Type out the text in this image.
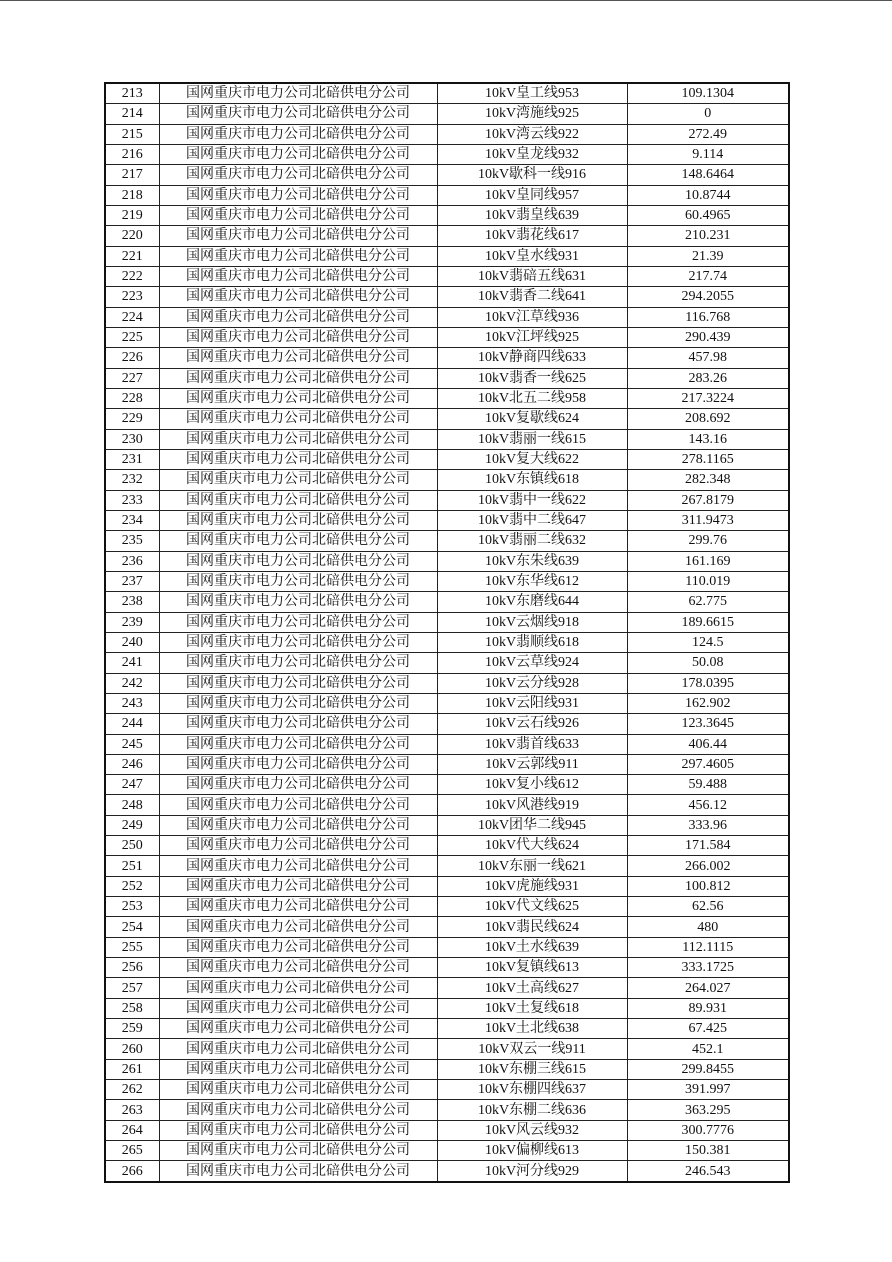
213	国网重庆市电力公司北碚供电分公司	10kV皇工线953	109.1304
214	国网重庆市电力公司北碚供电分公司	10kV湾施线925	0
215	国网重庆市电力公司北碚供电分公司	10kV湾云线922	272.49
216	国网重庆市电力公司北碚供电分公司	10kV皇龙线932	9.114
217	国网重庆市电力公司北碚供电分公司	10kV歇科一线916	148.6464
218	国网重庆市电力公司北碚供电分公司	10kV皇同线957	10.8744
219	国网重庆市电力公司北碚供电分公司	10kV翡皇线639	60.4965
220	国网重庆市电力公司北碚供电分公司	10kV翡花线617	210.231
221	国网重庆市电力公司北碚供电分公司	10kV皇水线931	21.39
222	国网重庆市电力公司北碚供电分公司	10kV翡碚五线631	217.74
223	国网重庆市电力公司北碚供电分公司	10kV翡香二线641	294.2055
224	国网重庆市电力公司北碚供电分公司	10kV江草线936	116.768
225	国网重庆市电力公司北碚供电分公司	10kV江坪线925	290.439
226	国网重庆市电力公司北碚供电分公司	10kV静商四线633	457.98
227	国网重庆市电力公司北碚供电分公司	10kV翡香一线625	283.26
228	国网重庆市电力公司北碚供电分公司	10kV北五二线958	217.3224
229	国网重庆市电力公司北碚供电分公司	10kV复歇线624	208.692
230	国网重庆市电力公司北碚供电分公司	10kV翡丽一线615	143.16
231	国网重庆市电力公司北碚供电分公司	10kV复大线622	278.1165
232	国网重庆市电力公司北碚供电分公司	10kV东镇线618	282.348
233	国网重庆市电力公司北碚供电分公司	10kV翡中一线622	267.8179
234	国网重庆市电力公司北碚供电分公司	10kV翡中二线647	311.9473
235	国网重庆市电力公司北碚供电分公司	10kV翡丽二线632	299.76
236	国网重庆市电力公司北碚供电分公司	10kV东朱线639	161.169
237	国网重庆市电力公司北碚供电分公司	10kV东华线612	110.019
238	国网重庆市电力公司北碚供电分公司	10kV东磨线644	62.775
239	国网重庆市电力公司北碚供电分公司	10kV云烟线918	189.6615
240	国网重庆市电力公司北碚供电分公司	10kV翡顺线618	124.5
241	国网重庆市电力公司北碚供电分公司	10kV云草线924	50.08
242	国网重庆市电力公司北碚供电分公司	10kV云分线928	178.0395
243	国网重庆市电力公司北碚供电分公司	10kV云阳线931	162.902
244	国网重庆市电力公司北碚供电分公司	10kV云石线926	123.3645
245	国网重庆市电力公司北碚供电分公司	10kV翡首线633	406.44
246	国网重庆市电力公司北碚供电分公司	10kV云郭线911	297.4605
247	国网重庆市电力公司北碚供电分公司	10kV复小线612	59.488
248	国网重庆市电力公司北碚供电分公司	10kV风港线919	456.12
249	国网重庆市电力公司北碚供电分公司	10kV团华二线945	333.96
250	国网重庆市电力公司北碚供电分公司	10kV代大线624	171.584
251	国网重庆市电力公司北碚供电分公司	10kV东丽一线621	266.002
252	国网重庆市电力公司北碚供电分公司	10kV虎施线931	100.812
253	国网重庆市电力公司北碚供电分公司	10kV代文线625	62.56
254	国网重庆市电力公司北碚供电分公司	10kV翡民线624	480
255	国网重庆市电力公司北碚供电分公司	10kV土水线639	112.1115
256	国网重庆市电力公司北碚供电分公司	10kV复镇线613	333.1725
257	国网重庆市电力公司北碚供电分公司	10kV土高线627	264.027
258	国网重庆市电力公司北碚供电分公司	10kV土复线618	89.931
259	国网重庆市电力公司北碚供电分公司	10kV土北线638	67.425
260	国网重庆市电力公司北碚供电分公司	10kV双云一线911	452.1
261	国网重庆市电力公司北碚供电分公司	10kV东棚三线615	299.8455
262	国网重庆市电力公司北碚供电分公司	10kV东棚四线637	391.997
263	国网重庆市电力公司北碚供电分公司	10kV东棚二线636	363.295
264	国网重庆市电力公司北碚供电分公司	10kV风云线932	300.7776
265	国网重庆市电力公司北碚供电分公司	10kV偏柳线613	150.381
266	国网重庆市电力公司北碚供电分公司	10kV河分线929	246.543
